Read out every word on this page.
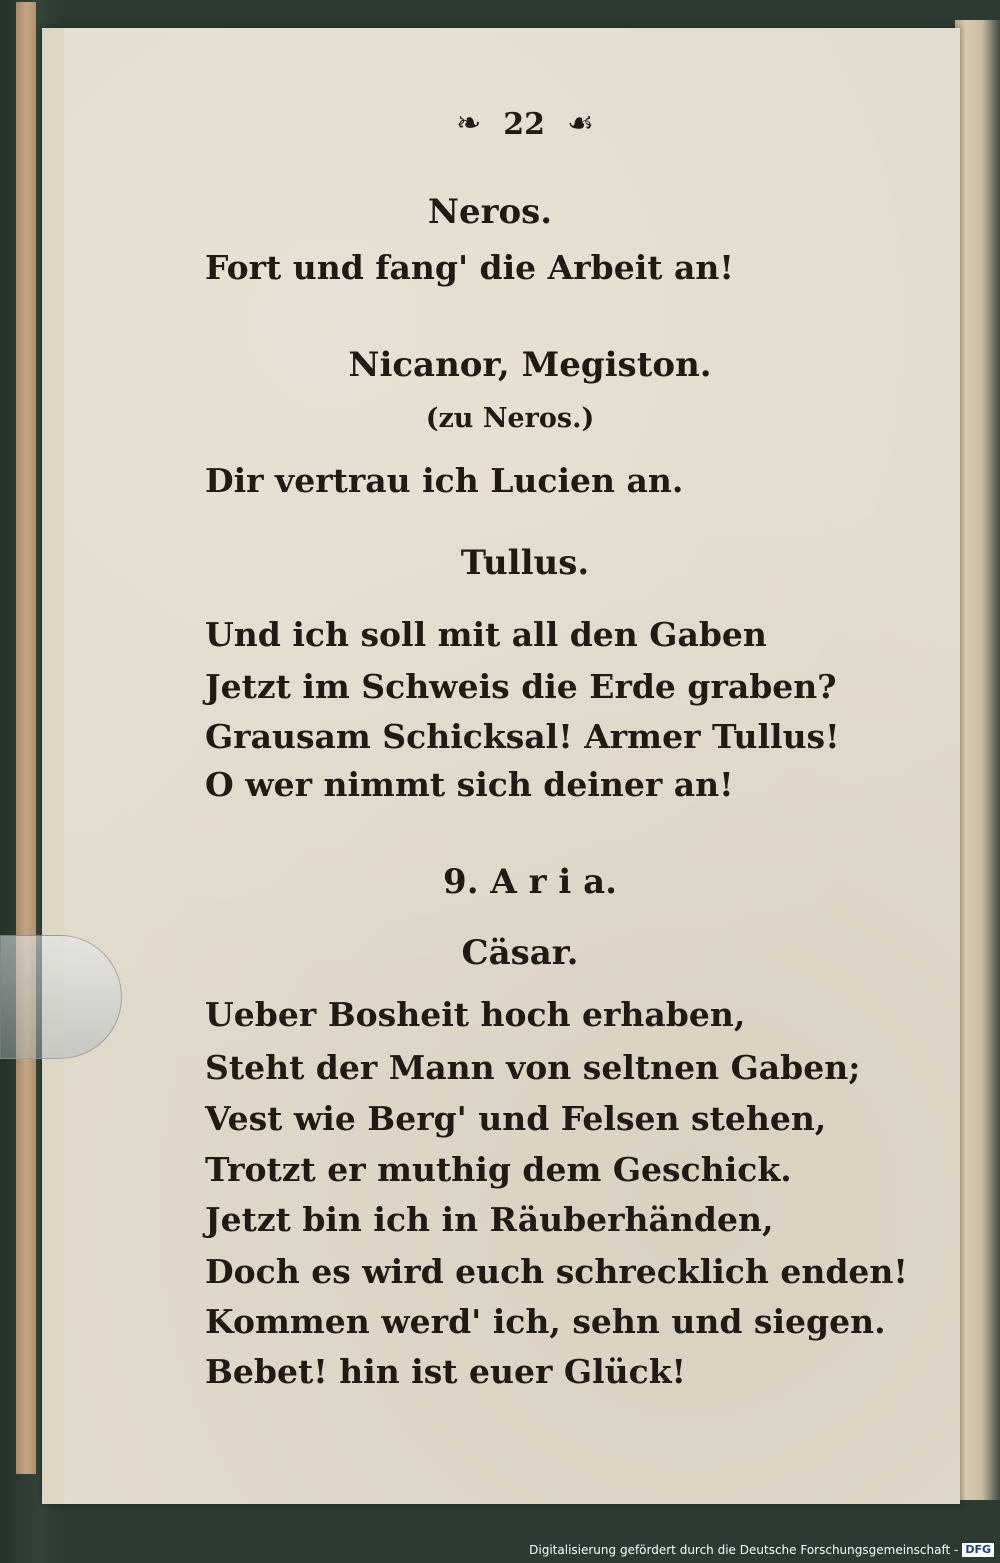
❧ 22 ☙
Neros.
Fort und fang' die Arbeit an!
Nicanor, Megiston.
(zu Neros.)
Dir vertrau ich Lucien an.
Tullus.
Und ich soll mit all den Gaben
Jetzt im Schweis die Erde graben?
Grausam Schicksal! Armer Tullus!
O wer nimmt sich deiner an!
9. A r i a.
Cäsar.
Ueber Bosheit hoch erhaben,
Steht der Mann von seltnen Gaben;
Vest wie Berg' und Felsen stehen,
Trotzt er muthig dem Geschick.
Jetzt bin ich in Räuberhänden,
Doch es wird euch schrecklich enden!
Kommen werd' ich, sehn und siegen.
Bebet! hin ist euer Glück!
Digitalisierung gefördert durch die Deutsche Forschungsgemeinschaft - DFG
